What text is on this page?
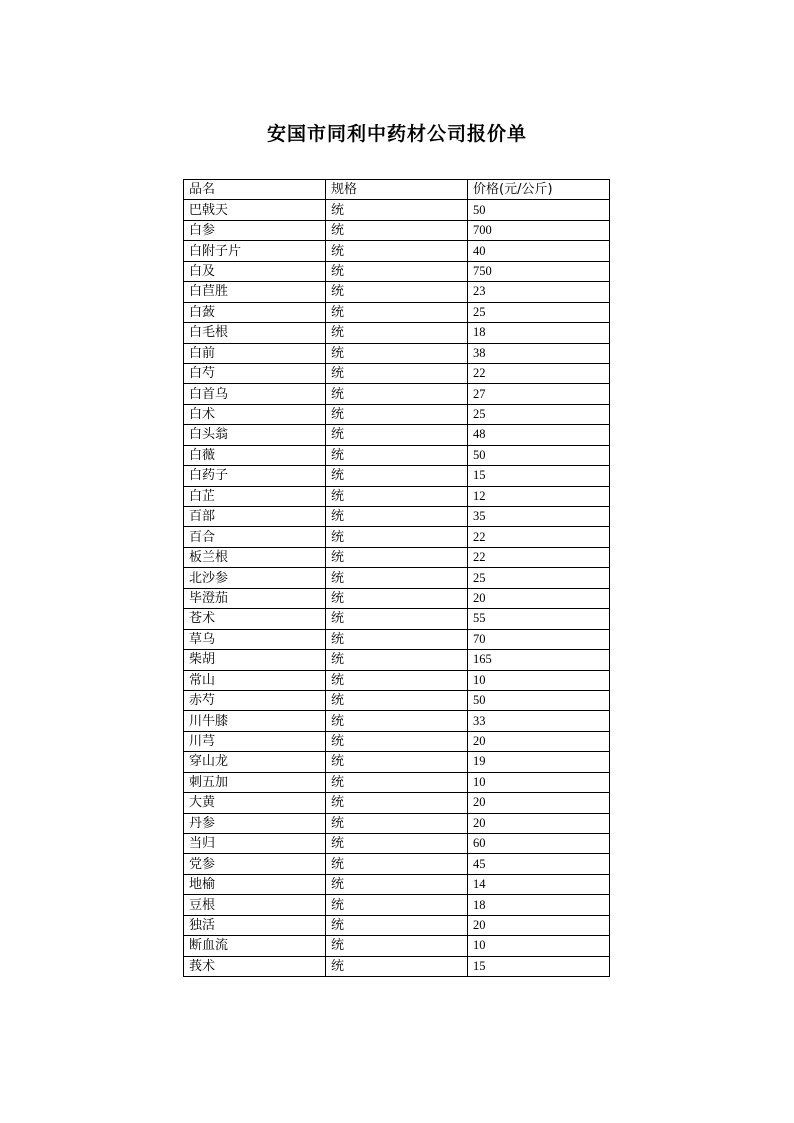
安国市同利中药材公司报价单
品名	规格	价格(元/公斤)
巴戟天	统	50
白参	统	700
白附子片	统	40
白及	统	750
白苣胜	统	23
白蔹	统	25
白毛根	统	18
白前	统	38
白芍	统	22
白首乌	统	27
白术	统	25
白头翁	统	48
白薇	统	50
白药子	统	15
白芷	统	12
百部	统	35
百合	统	22
板兰根	统	22
北沙参	统	25
毕澄茄	统	20
苍术	统	55
草乌	统	70
柴胡	统	165
常山	统	10
赤芍	统	50
川牛膝	统	33
川芎	统	20
穿山龙	统	19
刺五加	统	10
大黄	统	20
丹参	统	20
当归	统	60
党参	统	45
地榆	统	14
豆根	统	18
独活	统	20
断血流	统	10
莪术	统	15
